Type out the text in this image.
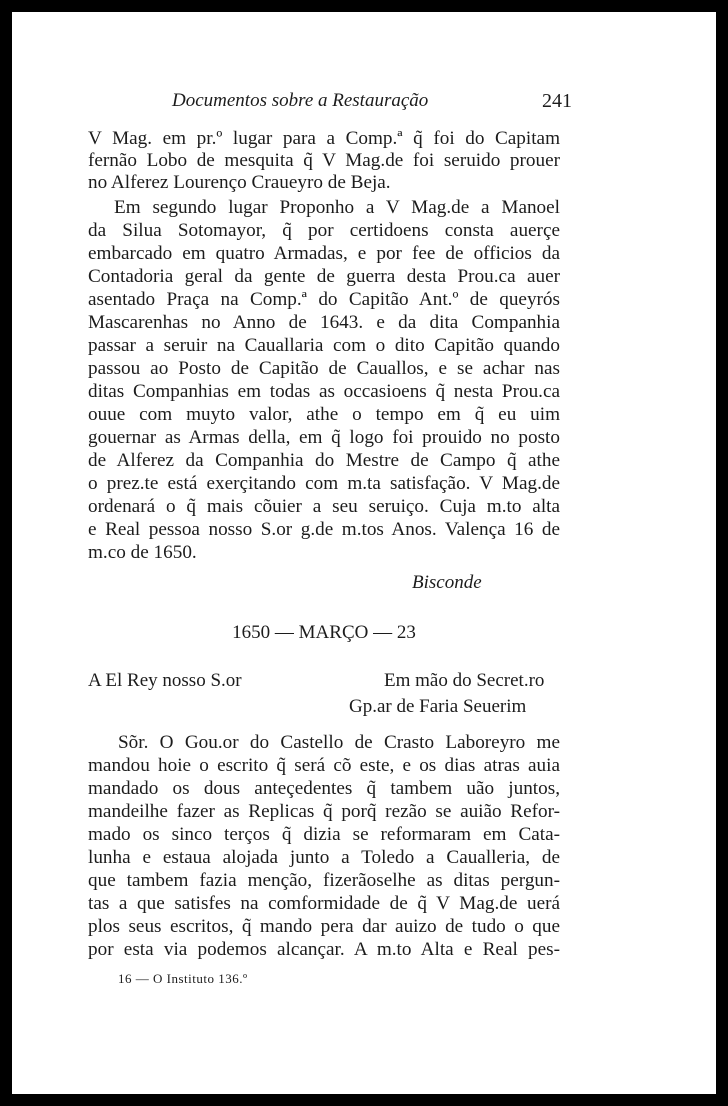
Documentos sobre a Restauração	241
V Mag. em pr.º lugar para a Comp.ª q̃ foi do Capitam
fernão Lobo de mesquita q̃ V Mag.de foi seruido prouer
no Alferez Lourenço Craueyro de Beja.
Em segundo lugar Proponho a V Mag.de a Manoel
da Silua Sotomayor, q̃ por certidoens consta auerçe
embarcado em quatro Armadas, e por fee de officios da
Contadoria geral da gente de guerra desta Prou.ca auer
asentado Praça na Comp.ª do Capitão Ant.º de queyrós
Mascarenhas no Anno de 1643. e da dita Companhia
passar a seruir na Cauallaria com o dito Capitão quando
passou ao Posto de Capitão de Cauallos, e se achar nas
ditas Companhias em todas as occasioens q̃ nesta Prou.ca
ouue com muyto valor, athe o tempo em q̃ eu uim
gouernar as Armas della, em q̃ logo foi prouido no posto
de Alferez da Companhia do Mestre de Campo q̃ athe
o prez.te está exerçitando com m.ta satisfação. V Mag.de
ordenará o q̃ mais cõuier a seu seruiço. Cuja m.to alta
e Real pessoa nosso S.or g.de m.tos Anos. Valença 16 de
m.co de 1650.
Bisconde
1650 — MARÇO — 23
A El Rey nosso S.or	Em mão do Secret.ro
Gp.ar de Faria Seuerim
Sõr. O Gou.or do Castello de Crasto Laboreyro me
mandou hoie o escrito q̃ será cõ este, e os dias atras auia
mandado os dous anteçedentes q̃ tambem uão juntos,
mandeilhe fazer as Replicas q̃ porq̃ rezão se auião Refor-
mado os sinco terços q̃ dizia se reformaram em Cata-
lunha e estaua alojada junto a Toledo a Caualleria, de
que tambem fazia menção, fizerãoselhe as ditas pergun-
tas a que satisfes na comformidade de q̃ V Mag.de uerá
plos seus escritos, q̃ mando pera dar auizo de tudo o que
por esta via podemos alcançar. A m.to Alta e Real pes-
16 — O Instituto 136.º
